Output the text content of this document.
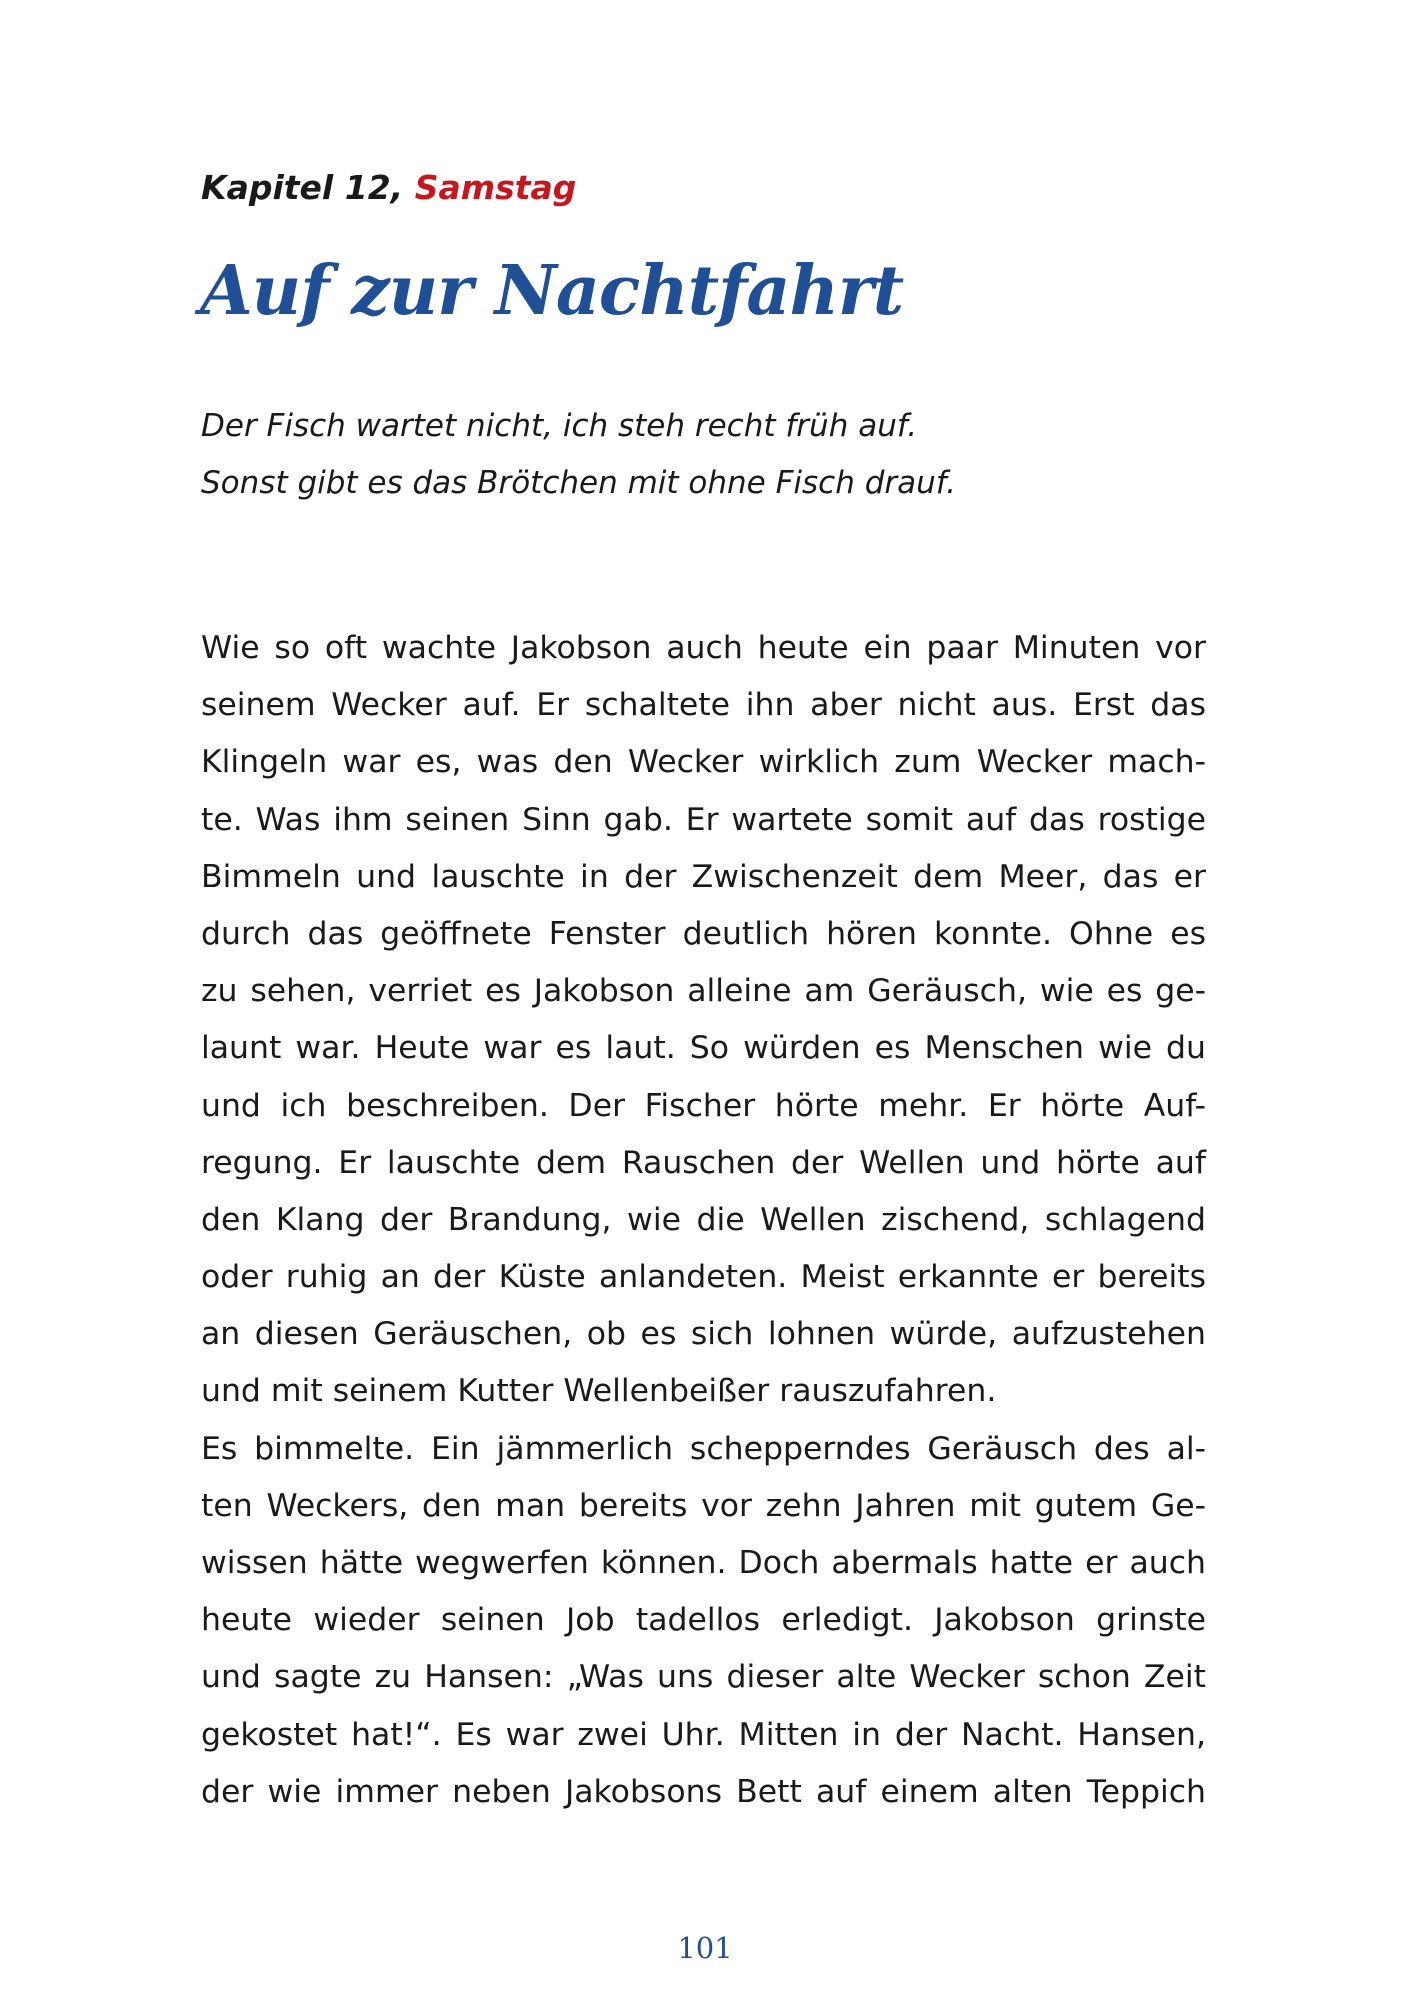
Kapitel 12, Samstag

Auf zur Nachtfahrt

Der Fisch wartet nicht, ich steh recht früh auf.
Sonst gibt es das Brötchen mit ohne Fisch drauf.

Wie so oft wachte Jakobson auch heute ein paar Minuten vor
seinem Wecker auf. Er schaltete ihn aber nicht aus. Erst das
Klingeln war es, was den Wecker wirklich zum Wecker mach-
te. Was ihm seinen Sinn gab. Er wartete somit auf das rostige
Bimmeln und lauschte in der Zwischenzeit dem Meer, das er
durch das geöffnete Fenster deutlich hören konnte. Ohne es
zu sehen, verriet es Jakobson alleine am Geräusch, wie es ge-
launt war. Heute war es laut. So würden es Menschen wie du
und ich beschreiben. Der Fischer hörte mehr. Er hörte Auf-
regung. Er lauschte dem Rauschen der Wellen und hörte auf
den Klang der Brandung, wie die Wellen zischend, schlagend
oder ruhig an der Küste anlandeten. Meist erkannte er bereits
an diesen Geräuschen, ob es sich lohnen würde, aufzustehen
und mit seinem Kutter Wellenbeißer rauszufahren.
Es bimmelte. Ein jämmerlich schepperndes Geräusch des al-
ten Weckers, den man bereits vor zehn Jahren mit gutem Ge-
wissen hätte wegwerfen können. Doch abermals hatte er auch
heute wieder seinen Job tadellos erledigt. Jakobson grinste
und sagte zu Hansen: „Was uns dieser alte Wecker schon Zeit
gekostet hat!“. Es war zwei Uhr. Mitten in der Nacht. Hansen,
der wie immer neben Jakobsons Bett auf einem alten Teppich
101
